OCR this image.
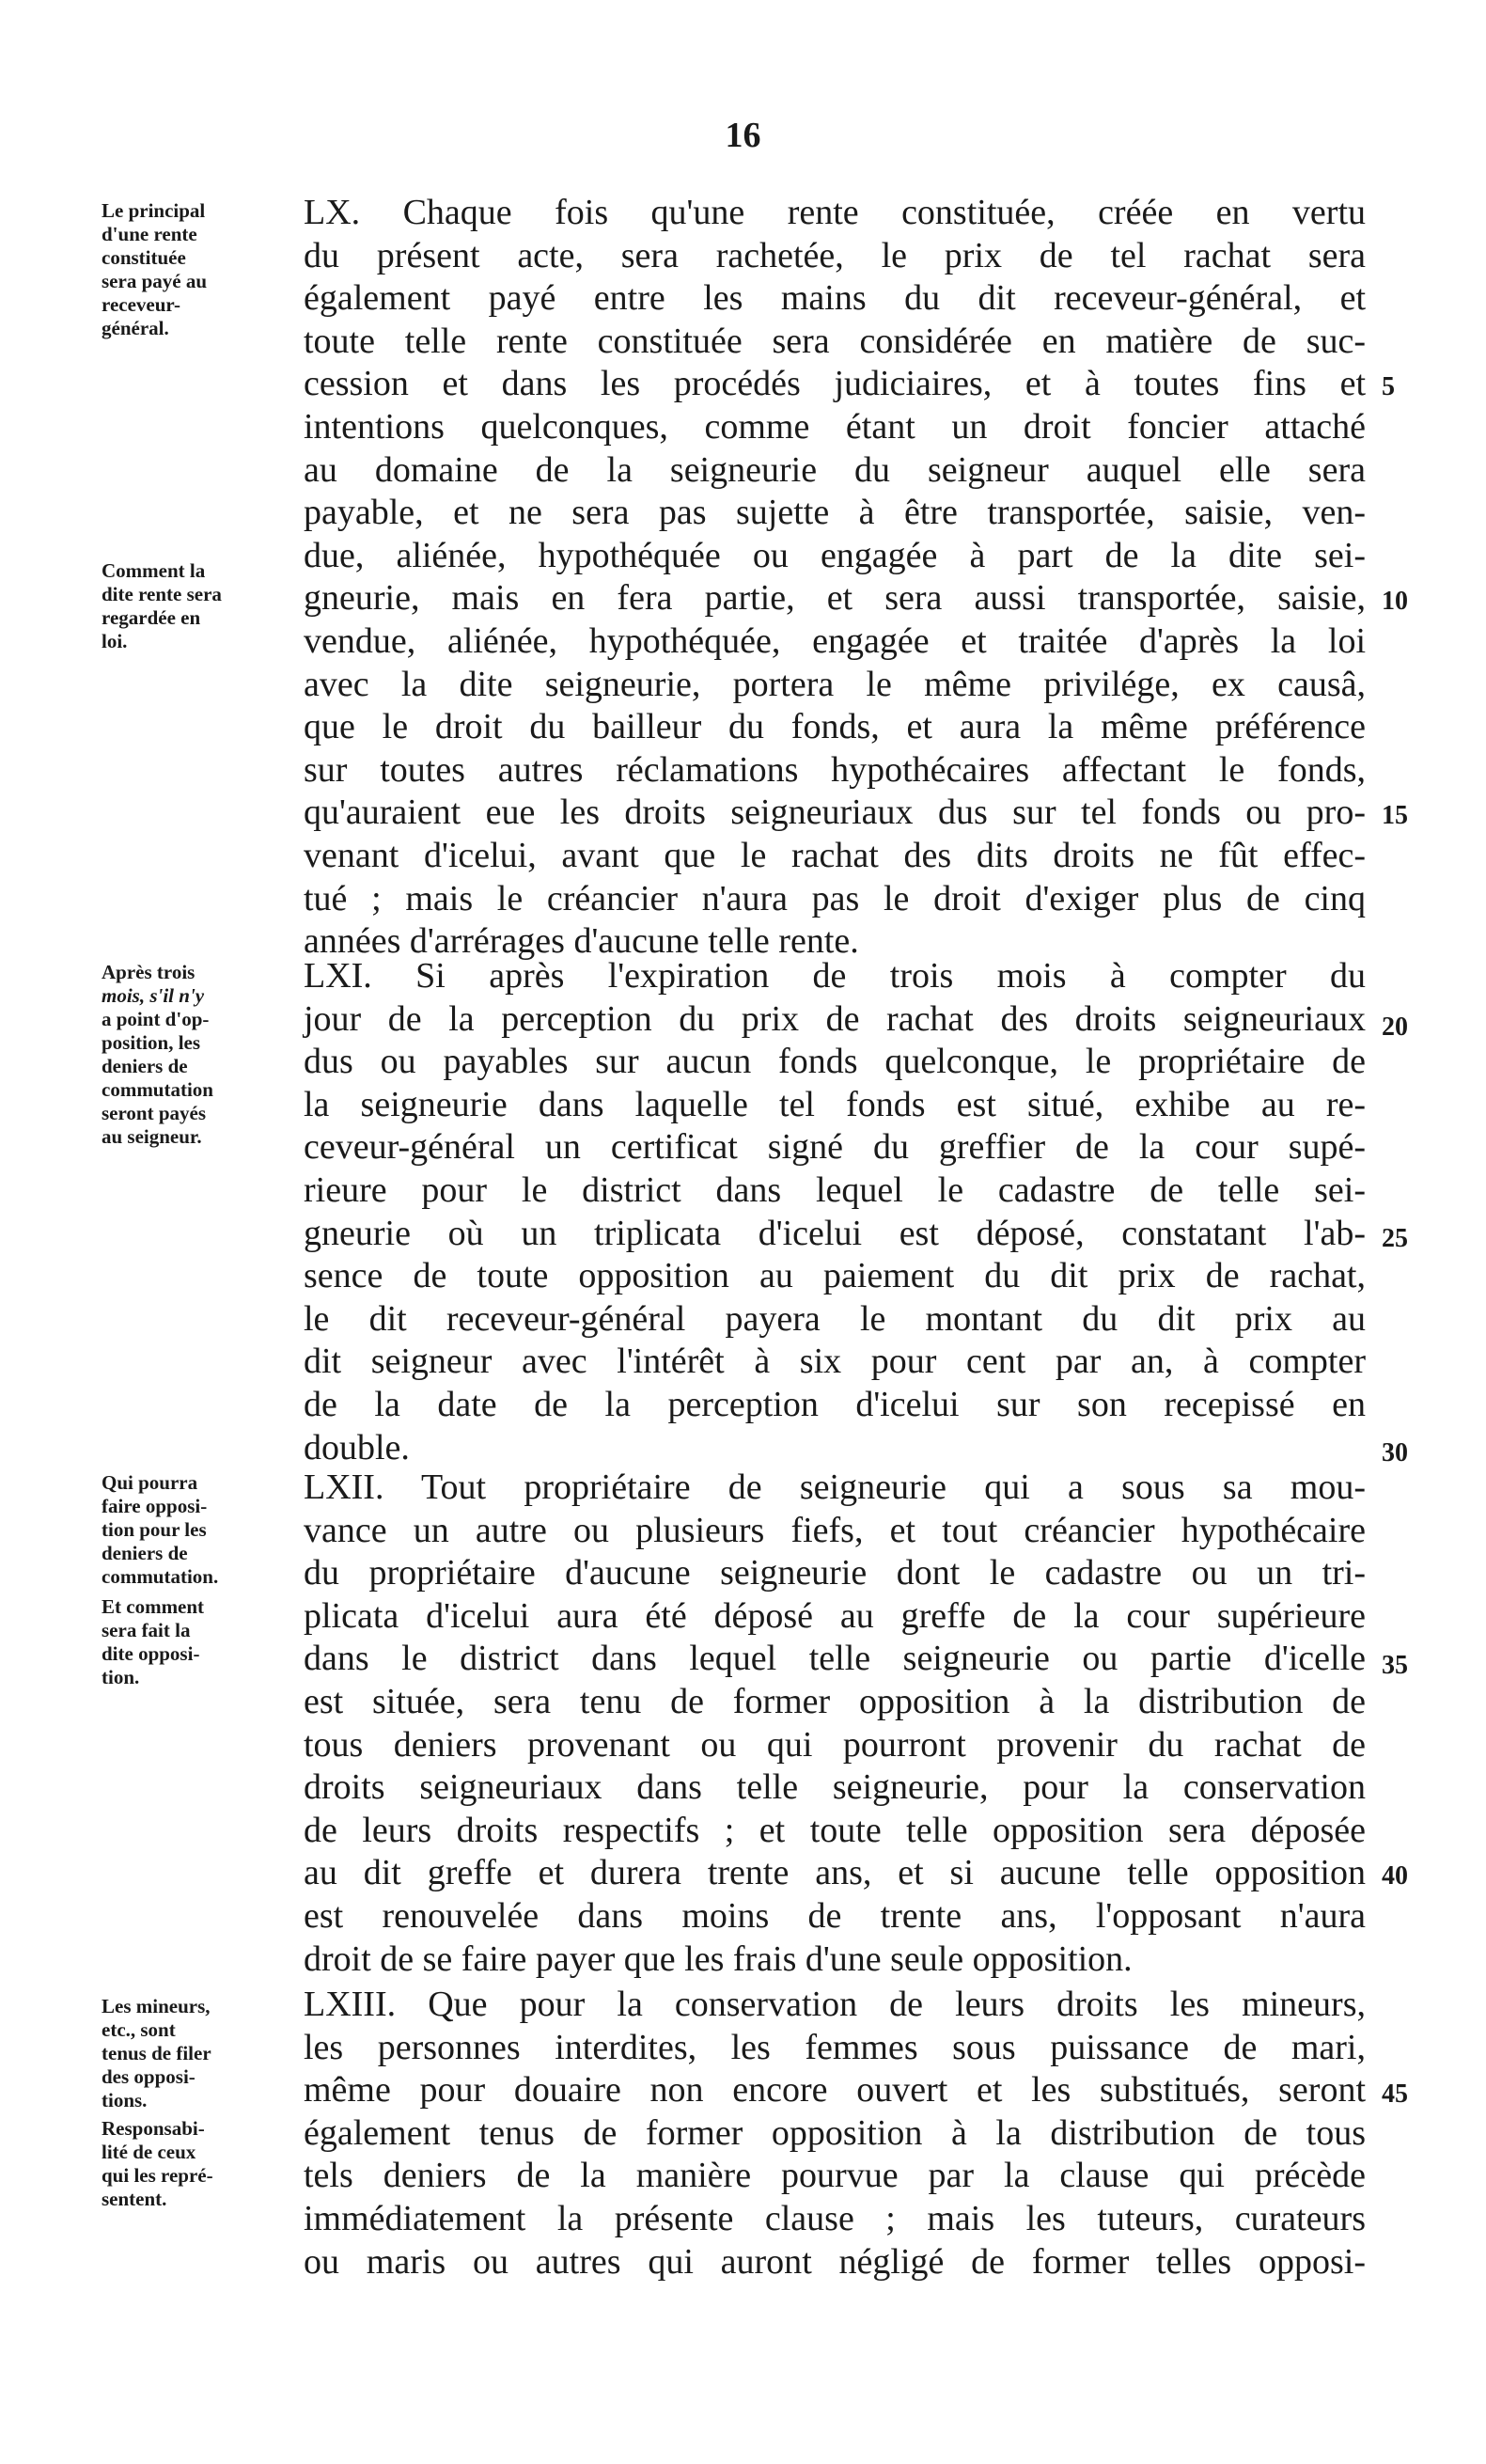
16
Le principal
d'une rente
constituée
sera payé au
receveur-
général.
Comment la
dite rente sera
regardée en
loi.
Après trois
mois, s'il n'y
a point d'op-
position, les
deniers de
commutation
seront payés
au seigneur.
Qui pourra
faire opposi-
tion pour les
deniers de
commutation.
Et comment
sera fait la
dite opposi-
tion.
Les mineurs,
etc., sont
tenus de filer
des opposi-
tions.
Responsabi-
lité de ceux
qui les repré-
sentent.
LX. Chaque fois qu'une rente constituée, créée en vertu
du présent acte, sera rachetée, le prix de tel rachat sera
également payé entre les mains du dit receveur-général, et
toute telle rente constituée sera considérée en matière de suc-
cession et dans les procédés judiciaires, et à toutes fins et
intentions quelconques, comme étant un droit foncier attaché
au domaine de la seigneurie du seigneur auquel elle sera
payable, et ne sera pas sujette à être transportée, saisie, ven-
due, aliénée, hypothéquée ou engagée à part de la dite sei-
gneurie, mais en fera partie, et sera aussi transportée, saisie,
vendue, aliénée, hypothéquée, engagée et traitée d'après la loi
avec la dite seigneurie, portera le même privilége, ex causâ,
que le droit du bailleur du fonds, et aura la même préférence
sur toutes autres réclamations hypothécaires affectant le fonds,
qu'auraient eue les droits seigneuriaux dus sur tel fonds ou pro-
venant d'icelui, avant que le rachat des dits droits ne fût effec-
tué ; mais le créancier n'aura pas le droit d'exiger plus de cinq
années d'arrérages d'aucune telle rente.
LXI. Si après l'expiration de trois mois à compter du
jour de la perception du prix de rachat des droits seigneuriaux
dus ou payables sur aucun fonds quelconque, le propriétaire de
la seigneurie dans laquelle tel fonds est situé, exhibe au re-
ceveur-général un certificat signé du greffier de la cour supé-
rieure pour le district dans lequel le cadastre de telle sei-
gneurie où un triplicata d'icelui est déposé, constatant l'ab-
sence de toute opposition au paiement du dit prix de rachat,
le dit receveur-général payera le montant du dit prix au
dit seigneur avec l'intérêt à six pour cent par an, à compter
de la date de la perception d'icelui sur son recepissé en
double.
LXII. Tout propriétaire de seigneurie qui a sous sa mou-
vance un autre ou plusieurs fiefs, et tout créancier hypothécaire
du propriétaire d'aucune seigneurie dont le cadastre ou un tri-
plicata d'icelui aura été déposé au greffe de la cour supérieure
dans le district dans lequel telle seigneurie ou partie d'icelle
est située, sera tenu de former opposition à la distribution de
tous deniers provenant ou qui pourront provenir du rachat de
droits seigneuriaux dans telle seigneurie, pour la conservation
de leurs droits respectifs ; et toute telle opposition sera déposée
au dit greffe et durera trente ans, et si aucune telle opposition
est renouvelée dans moins de trente ans, l'opposant n'aura
droit de se faire payer que les frais d'une seule opposition.
LXIII. Que pour la conservation de leurs droits les mineurs,
les personnes interdites, les femmes sous puissance de mari,
même pour douaire non encore ouvert et les substitués, seront
également tenus de former opposition à la distribution de tous
tels deniers de la manière pourvue par la clause qui précède
immédiatement la présente clause ; mais les tuteurs, curateurs
ou maris ou autres qui auront négligé de former telles opposi-
5
10
15
20
25
30
35
40
45
